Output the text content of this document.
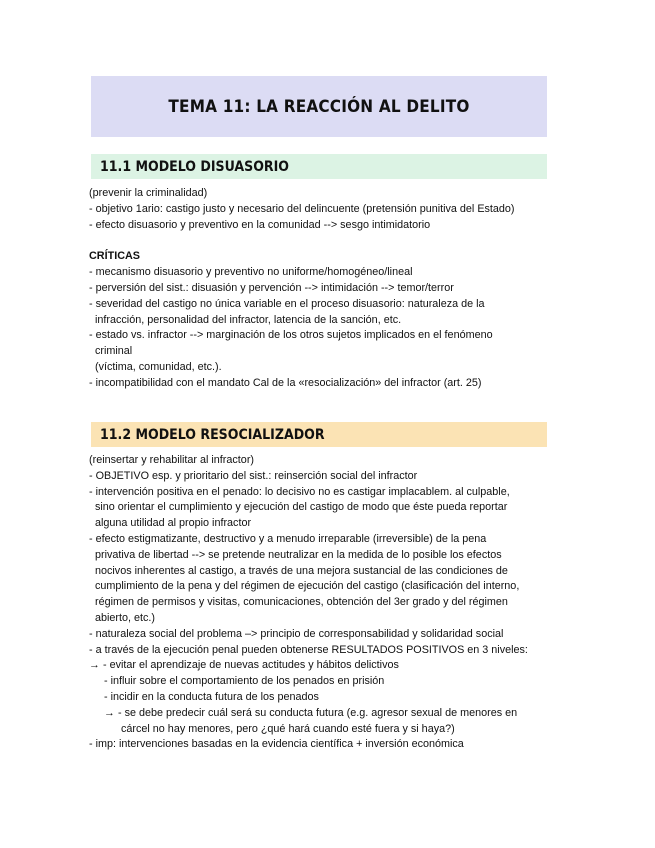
TEMA 11: LA REACCIÓN AL DELITO
11.1 MODELO DISUASORIO
(prevenir la criminalidad)
- objetivo 1ario: castigo justo y necesario del delincuente (pretensión punitiva del Estado)
- efecto disuasorio y preventivo en la comunidad --> sesgo intimidatorio
CRÍTICAS
- mecanismo disuasorio y preventivo no uniforme/homogéneo/lineal
- perversión del sist.: disuasión y pervención --> intimidación --> temor/terror
- severidad del castigo no única variable en el proceso disuasorio: naturaleza de la
infracción, personalidad del infractor, latencia de la sanción, etc.
- estado vs. infractor --> marginación de los otros sujetos implicados en el fenómeno
criminal
(víctima, comunidad, etc.).
- incompatibilidad con el mandato Cal de la «resocialización» del infractor (art. 25)
11.2 MODELO RESOCIALIZADOR
(reinsertar y rehabilitar al infractor)
- OBJETIVO esp. y prioritario del sist.: reinserción social del infractor
- intervención positiva en el penado: lo decisivo no es castigar implacablem. al culpable,
sino orientar el cumplimiento y ejecución del castigo de modo que éste pueda reportar
alguna utilidad al propio infractor
- efecto estigmatizante, destructivo y a menudo irreparable (irreversible) de la pena
privativa de libertad --> se pretende neutralizar en la medida de lo posible los efectos
nocivos inherentes al castigo, a través de una mejora sustancial de las condiciones de
cumplimiento de la pena y del régimen de ejecución del castigo (clasificación del interno,
régimen de permisos y visitas, comunicaciones, obtención del 3er grado y del régimen
abierto, etc.)
- naturaleza social del problema –> principio de corresponsabilidad y solidaridad social
- a través de la ejecución penal pueden obtenerse RESULTADOS POSITIVOS en 3 niveles:
→ - evitar el aprendizaje de nuevas actitudes y hábitos delictivos
- influir sobre el comportamiento de los penados en prisión
- incidir en la conducta futura de los penados
→ - se debe predecir cuál será su conducta futura (e.g. agresor sexual de menores en
cárcel no hay menores, pero ¿qué hará cuando esté fuera y si haya?)
- imp: intervenciones basadas en la evidencia científica + inversión económica
